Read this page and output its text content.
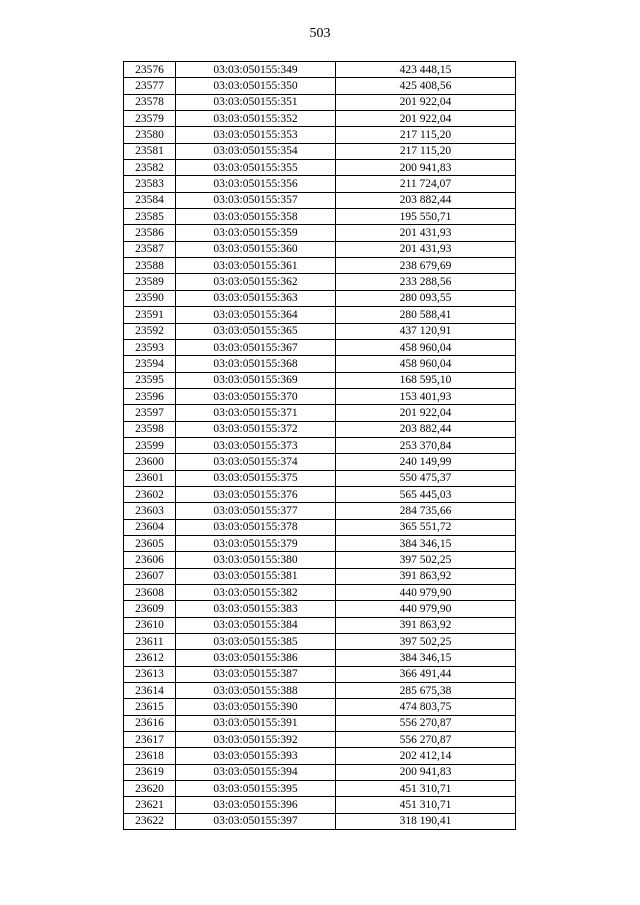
503
23576	03:03:050155:349	423 448,15
23577	03:03:050155:350	425 408,56
23578	03:03:050155:351	201 922,04
23579	03:03:050155:352	201 922,04
23580	03:03:050155:353	217 115,20
23581	03:03:050155:354	217 115,20
23582	03:03:050155:355	200 941,83
23583	03:03:050155:356	211 724,07
23584	03:03:050155:357	203 882,44
23585	03:03:050155:358	195 550,71
23586	03:03:050155:359	201 431,93
23587	03:03:050155:360	201 431,93
23588	03:03:050155:361	238 679,69
23589	03:03:050155:362	233 288,56
23590	03:03:050155:363	280 093,55
23591	03:03:050155:364	280 588,41
23592	03:03:050155:365	437 120,91
23593	03:03:050155:367	458 960,04
23594	03:03:050155:368	458 960,04
23595	03:03:050155:369	168 595,10
23596	03:03:050155:370	153 401,93
23597	03:03:050155:371	201 922,04
23598	03:03:050155:372	203 882,44
23599	03:03:050155:373	253 370,84
23600	03:03:050155:374	240 149,99
23601	03:03:050155:375	550 475,37
23602	03:03:050155:376	565 445,03
23603	03:03:050155:377	284 735,66
23604	03:03:050155:378	365 551,72
23605	03:03:050155:379	384 346,15
23606	03:03:050155:380	397 502,25
23607	03:03:050155:381	391 863,92
23608	03:03:050155:382	440 979,90
23609	03:03:050155:383	440 979,90
23610	03:03:050155:384	391 863,92
23611	03:03:050155:385	397 502,25
23612	03:03:050155:386	384 346,15
23613	03:03:050155:387	366 491,44
23614	03:03:050155:388	285 675,38
23615	03:03:050155:390	474 803,75
23616	03:03:050155:391	556 270,87
23617	03:03:050155:392	556 270,87
23618	03:03:050155:393	202 412,14
23619	03:03:050155:394	200 941,83
23620	03:03:050155:395	451 310,71
23621	03:03:050155:396	451 310,71
23622	03:03:050155:397	318 190,41
